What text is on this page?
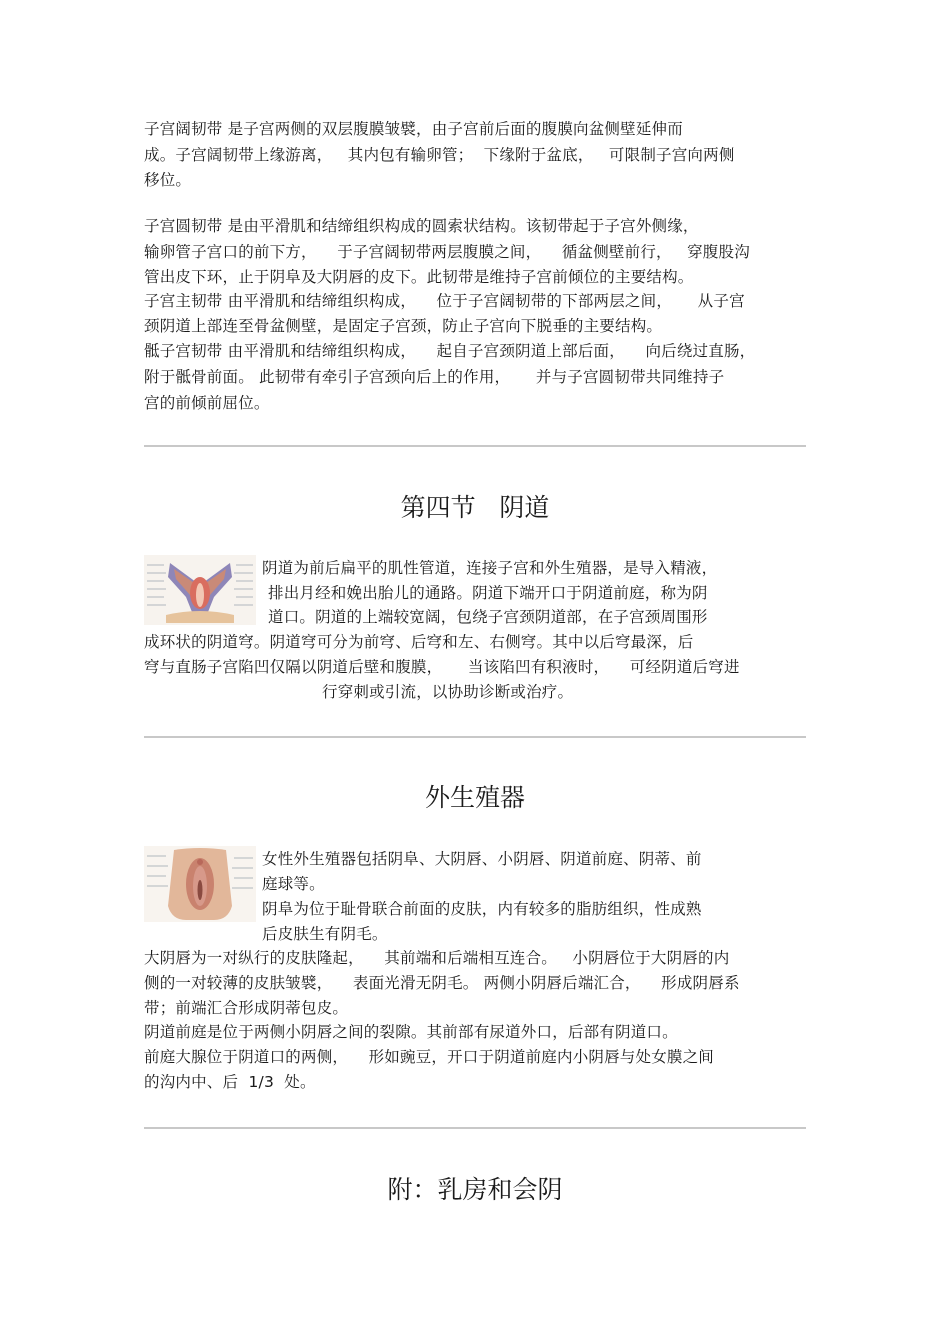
子宫阔韧带 是子宫两侧的双层腹膜皱襞，由子宫前后面的腹膜向盆侧壁延伸而
成。子宫阔韧带上缘游离，   其内包有输卵管；  下缘附于盆底，   可限制子宫向两侧
移位。
子宫圆韧带 是由平滑肌和结缔组织构成的圆索状结构。该韧带起于子宫外侧缘，
输卵管子宫口的前下方，    于子宫阔韧带两层腹膜之间，    循盆侧壁前行，   穿腹股沟
管出皮下环，止于阴阜及大阴唇的皮下。此韧带是维持子宫前倾位的主要结构。
子宫主韧带 由平滑肌和结缔组织构成，    位于子宫阔韧带的下部两层之间，     从子宫
颈阴道上部连至骨盆侧壁，是固定子宫颈，防止子宫向下脱垂的主要结构。
骶子宫韧带 由平滑肌和结缔组织构成，    起自子宫颈阴道上部后面，    向后绕过直肠，
附于骶骨前面。 此韧带有牵引子宫颈向后上的作用，     并与子宫圆韧带共同维持子
宫的前倾前屈位。
第四节   阴道
阴道为前后扁平的肌性管道，连接子宫和外生殖器，是导入精液，
排出月经和娩出胎儿的通路。阴道下端开口于阴道前庭，称为阴
道口。阴道的上端较宽阔，包绕子宫颈阴道部，在子宫颈周围形
成环状的阴道穹。阴道穹可分为前穹、后穹和左、右侧穹。其中以后穹最深，后
穹与直肠子宫陷凹仅隔以阴道后壁和腹膜，     当该陷凹有积液时，    可经阴道后穹进
行穿刺或引流，以协助诊断或治疗。
外生殖器
女性外生殖器包括阴阜、大阴唇、小阴唇、阴道前庭、阴蒂、前
庭球等。
阴阜为位于耻骨联合前面的皮肤，内有较多的脂肪组织，性成熟
后皮肤生有阴毛。
大阴唇为一对纵行的皮肤隆起，    其前端和后端相互连合。   小阴唇位于大阴唇的内
侧的一对较薄的皮肤皱襞，    表面光滑无阴毛。 两侧小阴唇后端汇合，    形成阴唇系
带；前端汇合形成阴蒂包皮。
阴道前庭是位于两侧小阴唇之间的裂隙。其前部有尿道外口，后部有阴道口。
前庭大腺位于阴道口的两侧，    形如豌豆，开口于阴道前庭内小阴唇与处女膜之间
的沟内中、后  1/3  处。
附：乳房和会阴
